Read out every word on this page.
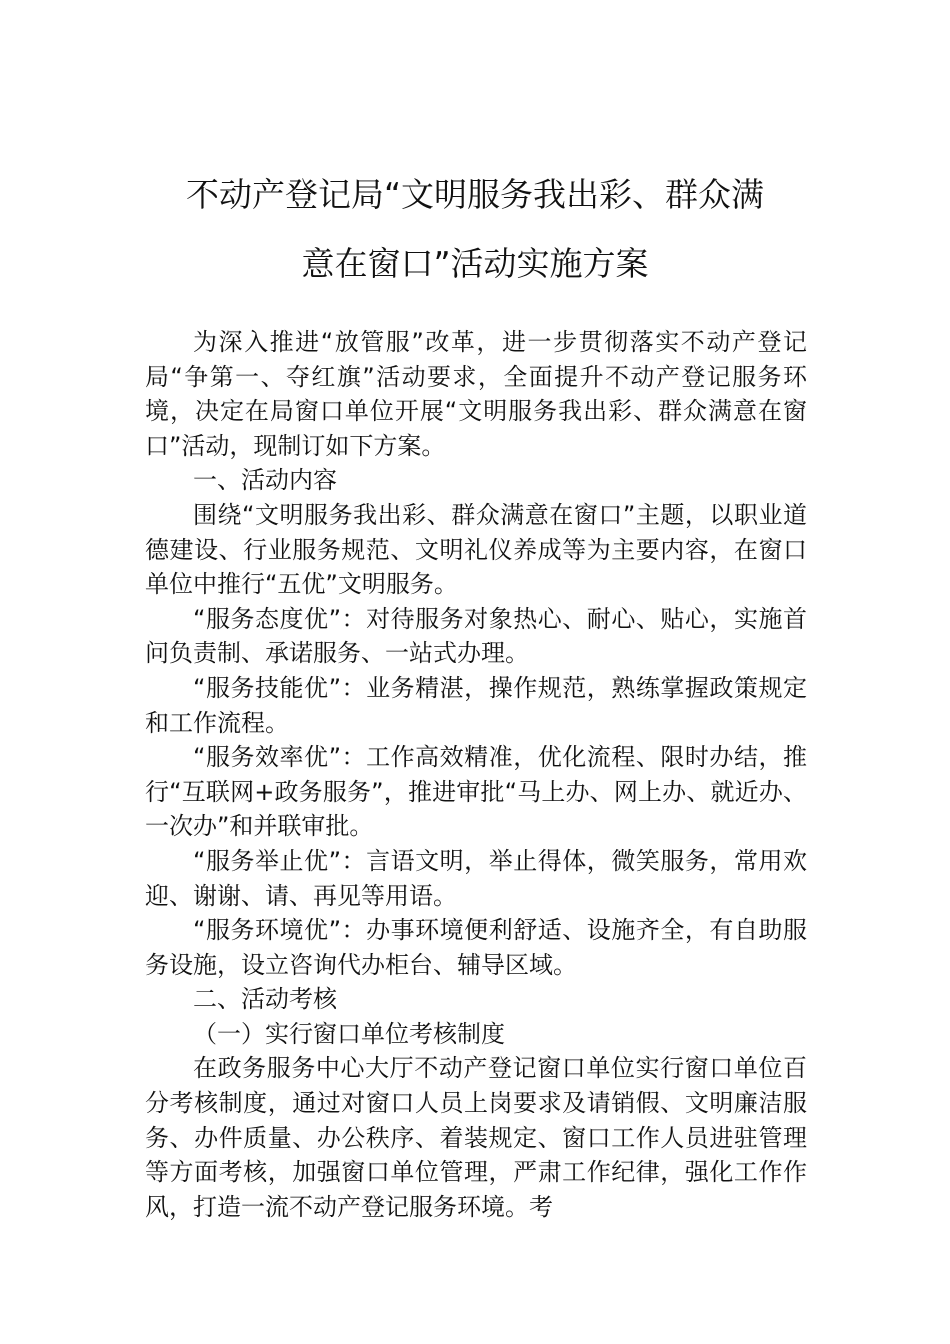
不动产登记局“文明服务我出彩、群众满
意在窗口”活动实施方案

为深入推进“放管服”改革，进一步贯彻落实不动产登记局“争第一、夺红旗”活动要求，全面提升不动产登记服务环境，决定在局窗口单位开展“文明服务我出彩、群众满意在窗口”活动，现制订如下方案。

一、活动内容

围绕“文明服务我出彩、群众满意在窗口”主题，以职业道德建设、行业服务规范、文明礼仪养成等为主要内容，在窗口单位中推行“五优”文明服务。

“服务态度优”：对待服务对象热心、耐心、贴心，实施首问负责制、承诺服务、一站式办理。

“服务技能优”：业务精湛，操作规范，熟练掌握政策规定和工作流程。

“服务效率优”：工作高效精准，优化流程、限时办结，推行“互联网+政务服务”，推进审批“马上办、网上办、就近办、一次办”和并联审批。

“服务举止优”：言语文明，举止得体，微笑服务，常用欢迎、谢谢、请、再见等用语。

“服务环境优”：办事环境便利舒适、设施齐全，有自助服务设施，设立咨询代办柜台、辅导区域。

二、活动考核

（一）实行窗口单位考核制度

在政务服务中心大厅不动产登记窗口单位实行窗口单位百分考核制度，通过对窗口人员上岗要求及请销假、文明廉洁服务、办件质量、办公秩序、着装规定、窗口工作人员进驻管理等方面考核，加强窗口单位管理，严肃工作纪律，强化工作作风，打造一流不动产登记服务环境。考
